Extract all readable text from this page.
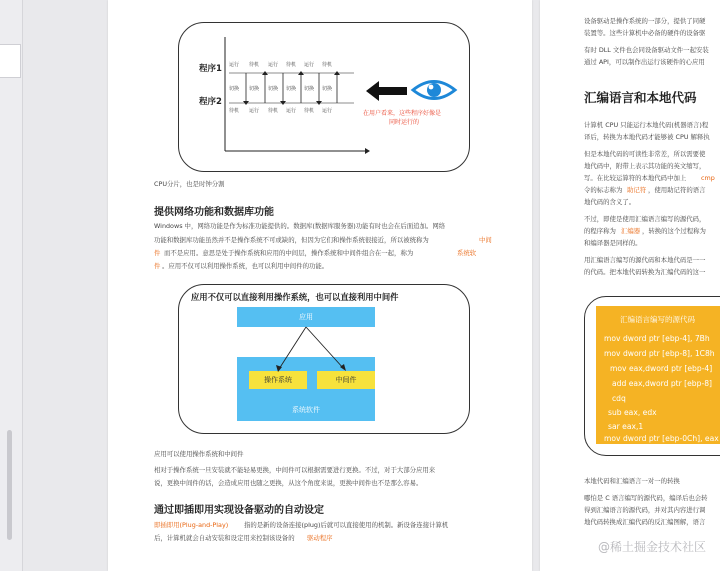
程序1
程序2
运行 待机 运行 待机 运行 待机
切换 切换 切换 切换 切换 切换
待机 运行 待机 运行 待机 运行	在用户看来，这些程序好像是
同时运行的
CPU分片，也是时钟分割
提供网络功能和数据库功能
Windows 中，网络功能是作为标准功能提供的。数据库(数据库服务器)功能有时也会在后面追加。网络
功能和数据库功能虽然并不是操作系统不可或缺的，但因为它们和操作系统很接近，所以被统称为	中间
件 而不是应用。意思是处于操作系统和应用的中间层，操作系统和中间件组合在一起，称为	系统软
件 。应用不仅可以利用操作系统，也可以利用中间件的功能。
应用不仅可以直接利用操作系统，也可以直接利用中间件
应用
系统软件
操作系统	中间件
应用可以使用操作系统和中间件
相对于操作系统一旦安装就不能轻易更换，中间件可以根据需要进行更换。不过，对于大部分应用来
说，更换中间件的话，会造成应用也随之更换，从这个角度来说，更换中间件也不是那么容易。
通过即插即用实现设备驱动的自动设定
即插即用(Plug-and-Play) 指的是新的设备连接(plug)后就可以直接使用的机制。新设备连接计算机
后，计算机就会自动安装和设定用来控制该设备的 驱动程序
设备驱动是操作系统的一部分，提供了同硬
装置等。这些计算机中必备的硬件的设备驱
有时 DLL 文件也会同设备驱动文件一起安装
通过 API，可以制作出运行该硬件的心应用
汇编语言和本地代码
计算机 CPU 只能运行本地代码(机器语言)程
译后，转换为本地代码才能够被 CPU 解释执
但是本地代码的可读性非常差，所以需要使
地代码中，附带上表示其功能的英文缩写，
写。在比较运算符的本地代码中加上 cmp
令的标志称为 助记符 ，使用助记符的语言
地代码的含义了。
不过，即使是使用汇编语言编写的源代码，
的程序称为 汇编器 ，转换的这个过程称为
和编译器是同样的。
用汇编语言编写的源代码和本地代码是一一
的代码。把本地代码转换为汇编代码的这一
汇编语言编写的源代码
mov dword ptr [ebp-4], 7Bh
mov dword ptr [ebp-8], 1C8h
mov eax,dword ptr [ebp-4]
add eax,dword ptr [ebp-8]
cdq
sub eax, edx
sar eax,1
mov dword ptr [ebp-0Ch], eax
本地代码和汇编语言一对一的转换
哪怕是 C 语言编写的源代码，编译后也会转
得到汇编语言的源代码，并对其内容进行调
地代码转换成汇编代码的反汇编图解，语言
@稀土掘金技术社区
